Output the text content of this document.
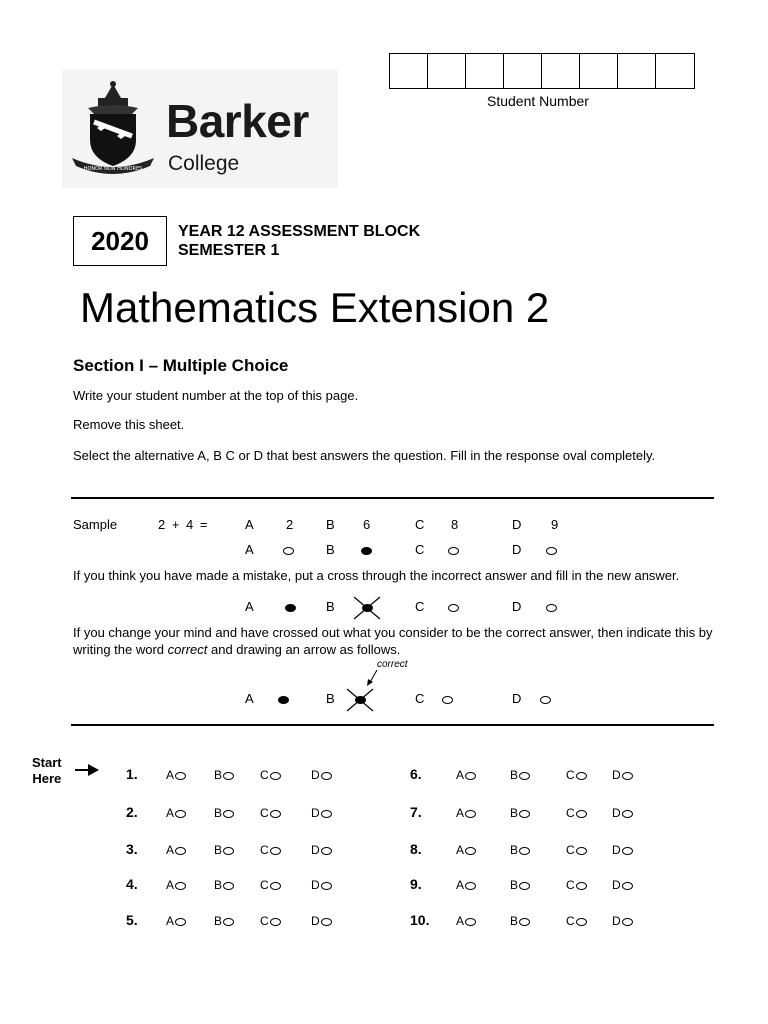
Student Number
HONOR NON HONORES
Barker
College
2020	YEAR 12 ASSESSMENT BLOCK
SEMESTER 1
Mathematics Extension 2
Section I – Multiple Choice
Write your student number at the top of this page.
Remove this sheet.
Select the alternative A, B C or D that best answers the question. Fill in the response oval completely.
Sample	2 + 4 =	A 2	B 6	C 8	D 9
A	B	C	D
If you think you have made a mistake, put a cross through the incorrect answer and fill in the new answer.
A	B	C	D
If you change your mind and have crossed out what you consider to be the correct answer, then indicate this by writing the word correct and drawing an arrow as follows.
correct
A	B	C	D
Start
Here	1. A	B	C	D
2. A	B	C	D
3. A	B	C	D
4. A	B	C	D
5. A	B	C	D
6.	A	B	C	D
7.	A	B	C	D
8.	A	B	C	D
9.	A	B	C	D
10. A	B	C	D
